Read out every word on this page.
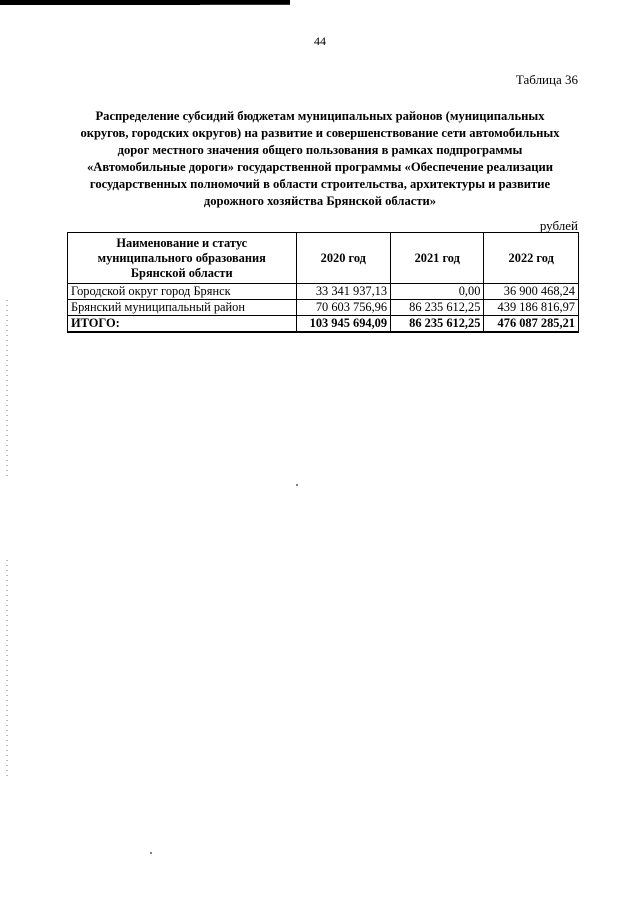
44
Таблица 36
Распределение субсидий бюджетам муниципальных районов (муниципальных округов, городских округов) на развитие и совершенствование сети автомобильных дорог местного значения общего пользования в рамках подпрограммы «Автомобильные дороги» государственной программы «Обеспечение реализации государственных полномочий в области строительства, архитектуры и развитие дорожного хозяйства Брянской области»
рублей
Наименование и статус муниципального образования Брянской области	2020 год	2021 год	2022 год
Городской округ город Брянск	33 341 937,13	0,00	36 900 468,24
Брянский муниципальный район	70 603 756,96	86 235 612,25	439 186 816,97
ИТОГО:	103 945 694,09	86 235 612,25	476 087 285,21
